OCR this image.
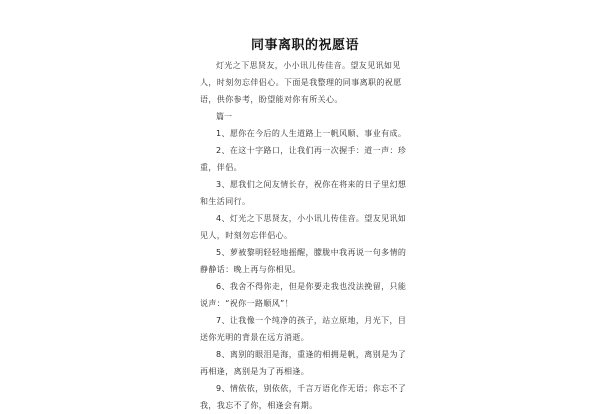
同事离职的祝愿语

灯光之下思贤友，小小讯儿传佳音。望友见讯如见人，时刻勿忘伴侣心。下面是我整理的同事离职的祝愿语，供你参考，盼望能对你有所关心。

篇一

1、愿你在今后的人生道路上一帆风顺、事业有成。

2、在这十字路口，让我们再一次握手：道一声：珍重，伴侣。

3、愿我们之间友情长存，祝你在将来的日子里幻想和生活同行。

4、灯光之下思贤友，小小讯儿传佳音。望友见讯如见人，时刻勿忘伴侣心。

5、萝被黎明轻轻地摇醒，朦胧中我再说一句多情的静静话：晚上再与你相见。

6、我舍不得你走，但是你要走我也没法挽留，只能说声：“祝你一路顺风”！

7、让我像一个纯净的孩子，站立原地，月光下，目送你光明的背景在远方消逝。

8、离别的眼泪是海，重逢的相拥是帆，离别是为了再相逢，离别是为了再相逢。

9、情依依，别依依，千言万语化作无语；你忘不了我，我忘不了你，相逢会有期。
